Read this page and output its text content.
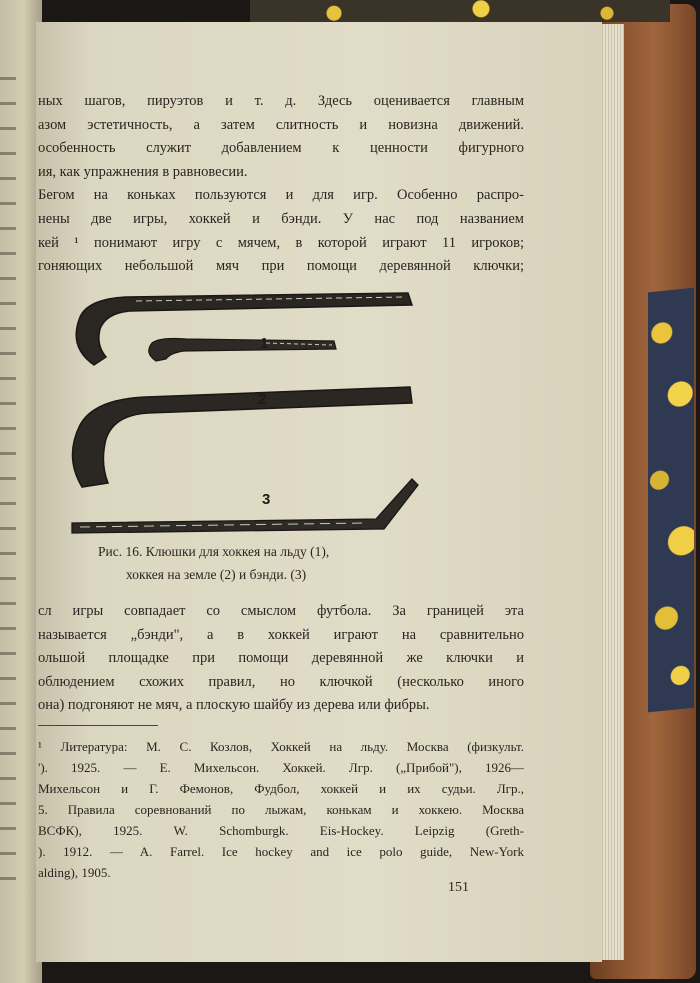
ных шагов, пируэтов и т. д. Здесь оценивается главным
азом эстетичность, а затем слитность и новизна движений.
особенность служит добавлением к ценности фигурного
ия, как упражнения в равновесии.
Бегом на коньках пользуются и для игр. Особенно распро-
нены две игры, хоккей и бэнди. У нас под названием
кей ¹ понимают игру с мячем, в которой играют 11 игроков;
гоняющих небольшой мяч при помощи деревянной ключки;
1
2
3
Рис. 16. Клюшки для хоккея на льду (1),
хоккея на земле (2) и бэнди. (3)
сл игры совпадает со смыслом футбола. За границей эта
называется „бэнди", а в хоккей играют на сравнительно
ольшой площадке при помощи деревянной же ключки и
облюдением схожих правил, но ключкой (несколько иного
она) подгоняют не мяч, а плоскую шайбу из дерева или фибры.
¹ Литература: М. С. Козлов, Хоккей на льду. Москва (физкульт.
'). 1925. — Е. Михельсон. Хоккей. Лгр. („Прибой"), 1926—
Михельсон и Г. Фемонов, Фудбол, хоккей и их судьи. Лгр.,
5. Правила соревнований по лыжам, конькам и хоккею. Москва
ВСФК), 1925. W. Schomburgk. Eis-Hockey. Leipzig (Greth-
). 1912. — A. Farrel. Ice hockey and ice polo guide, New-York
alding), 1905.
151
